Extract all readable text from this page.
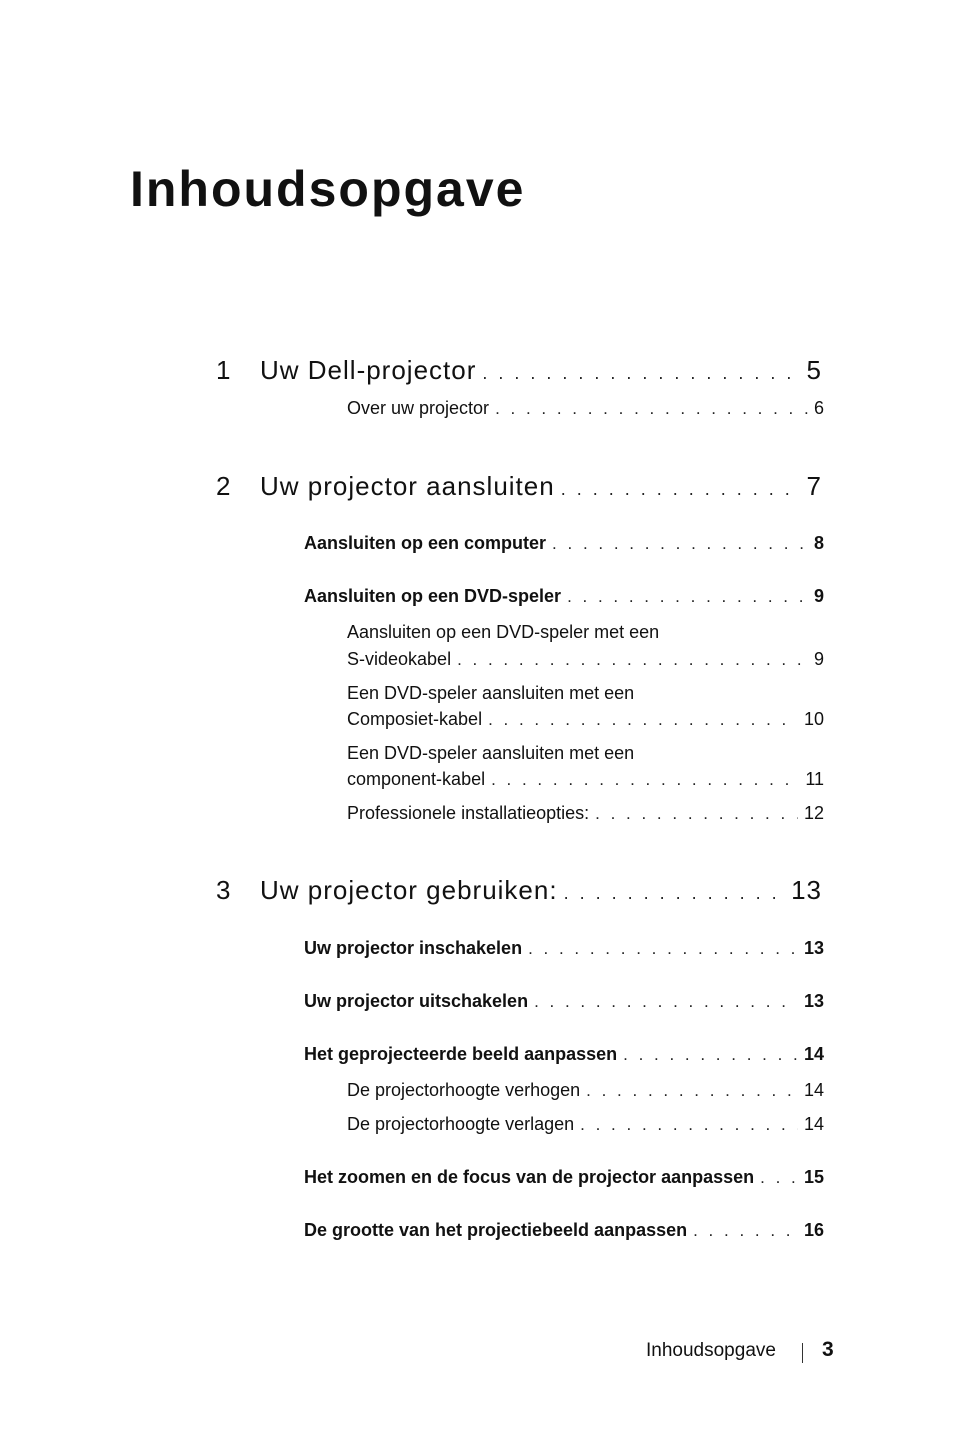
Inhoudsopgave
1	Uw Dell-projector . . .	5
Over uw projector . . .	6
2	Uw projector aansluiten . . .	7
Aansluiten op een computer . . .	8
Aansluiten op een DVD-speler . . .	9
Aansluiten op een DVD-speler met een
S-videokabel . . .	9
Een DVD-speler aansluiten met een
Composiet-kabel . . .	10
Een DVD-speler aansluiten met een
component-kabel . . .	11
Professionele installatieopties: . . .	12
3	Uw projector gebruiken: . . .	13
Uw projector inschakelen . . .	13
Uw projector uitschakelen . . .	13
Het geprojecteerde beeld aanpassen . . .	14
De projectorhoogte verhogen . . .	14
De projectorhoogte verlagen . . .	14
Het zoomen en de focus van de projector aanpassen . . .	15
De grootte van het projectiebeeld aanpassen . . .	16
Inhoudsopgave 3
